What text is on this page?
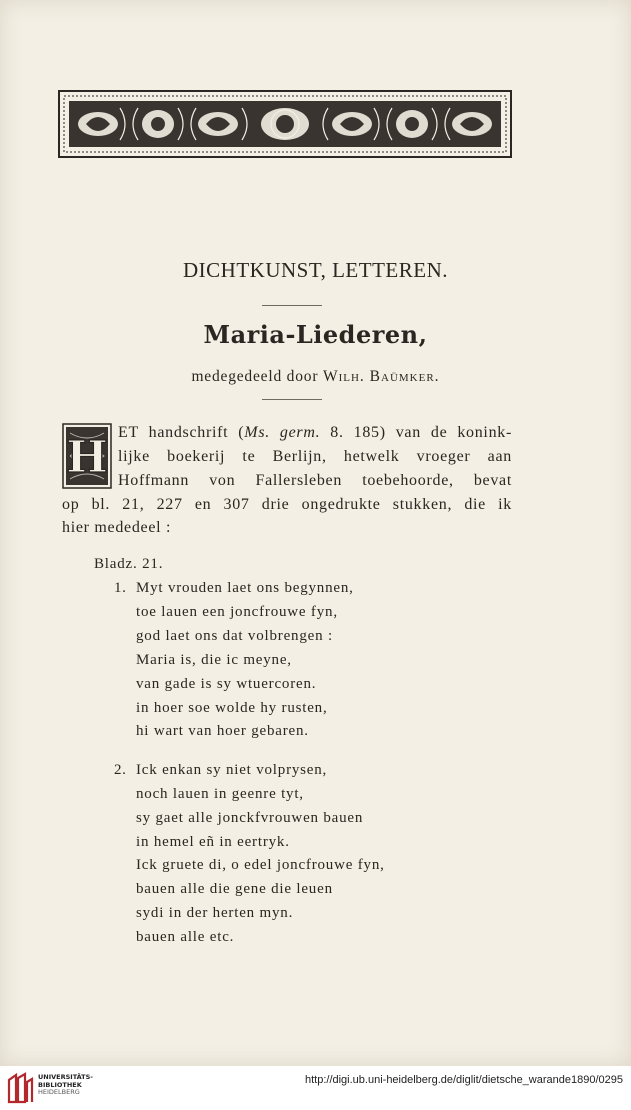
DICHTKUNST, LETTEREN.
Maria-Liederen,
medegedeeld door Wilh. Baümker.
H ET handschrift (Ms. germ. 8. 185) van de konink-
lijke boekerij te Berlijn, hetwelk vroeger aan
Hoffmann von Fallersleben toebehoorde, bevat
op bl. 21, 227 en 307 drie ongedrukte stukken, die ik
hier mededeel :
Bladz. 21.
1. Myt vrouden laet ons begynnen,
toe lauen een joncfrouwe fyn,
god laet ons dat volbrengen :
Maria is, die ic meyne,
van gade is sy wtuercoren.
in hoer soe wolde hy rusten,
hi wart van hoer gebaren.
2. Ick enkan sy niet volprysen,
noch lauen in geenre tyt,
sy gaet alle jonckfvrouwen bauen
in hemel eñ in eertryk.
Ick gruete di, o edel joncfrouwe fyn,
bauen alle die gene die leuen
sydi in der herten myn.
bauen alle etc.
UNIVERSITÄTS-
BIBLIOTHEK
HEIDELBERG
http://digi.ub.uni-heidelberg.de/diglit/dietsche_warande1890/0295
